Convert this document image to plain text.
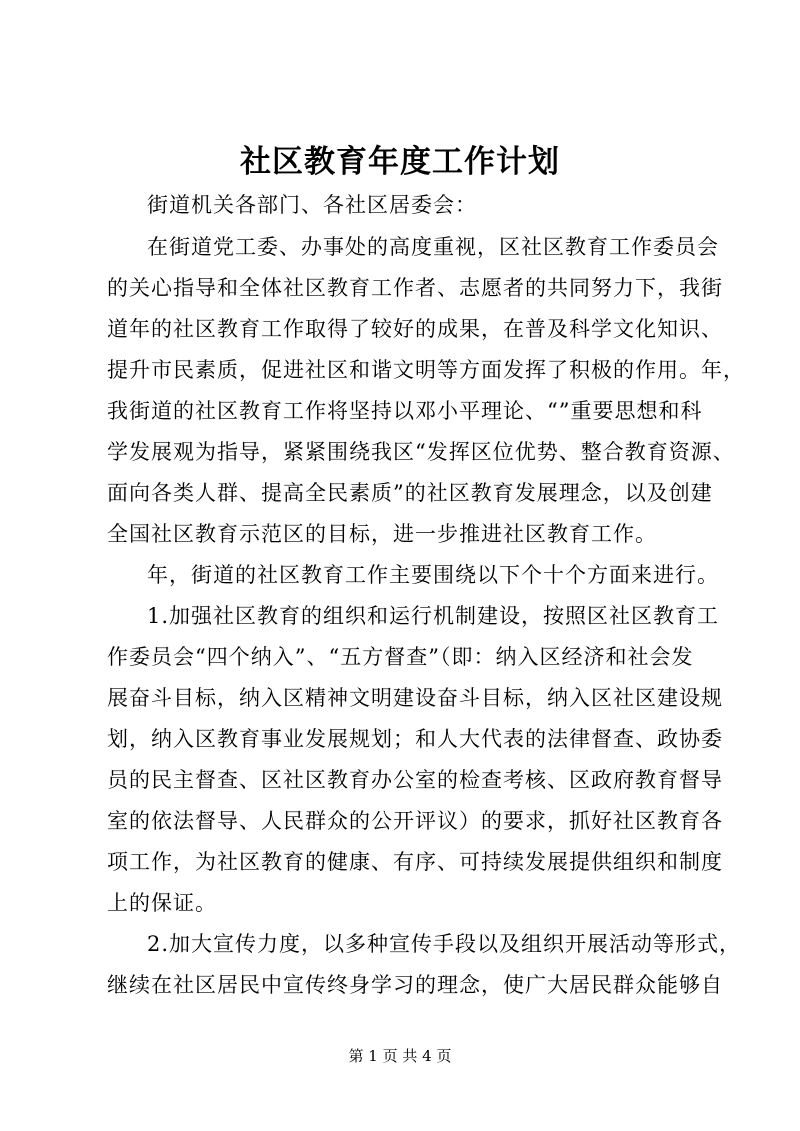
社区教育年度工作计划
街道机关各部门、各社区居委会：
在街道党工委、办事处的高度重视，区社区教育工作委员会
的关心指导和全体社区教育工作者、志愿者的共同努力下，我街
道年的社区教育工作取得了较好的成果，在普及科学文化知识、
提升市民素质，促进社区和谐文明等方面发挥了积极的作用。年，
我街道的社区教育工作将坚持以邓小平理论、“”重要思想和科
学发展观为指导，紧紧围绕我区“发挥区位优势、整合教育资源、
面向各类人群、提高全民素质”的社区教育发展理念，以及创建
全国社区教育示范区的目标，进一步推进社区教育工作。
年，街道的社区教育工作主要围绕以下个十个方面来进行。
1.加强社区教育的组织和运行机制建设，按照区社区教育工
作委员会“四个纳入”、“五方督查”（即：纳入区经济和社会发
展奋斗目标，纳入区精神文明建设奋斗目标，纳入区社区建设规
划，纳入区教育事业发展规划；和人大代表的法律督查、政协委
员的民主督查、区社区教育办公室的检查考核、区政府教育督导
室的依法督导、人民群众的公开评议）的要求，抓好社区教育各
项工作，为社区教育的健康、有序、可持续发展提供组织和制度
上的保证。
2.加大宣传力度，以多种宣传手段以及组织开展活动等形式，
继续在社区居民中宣传终身学习的理念，使广大居民群众能够自
第 1 页 共 4 页
